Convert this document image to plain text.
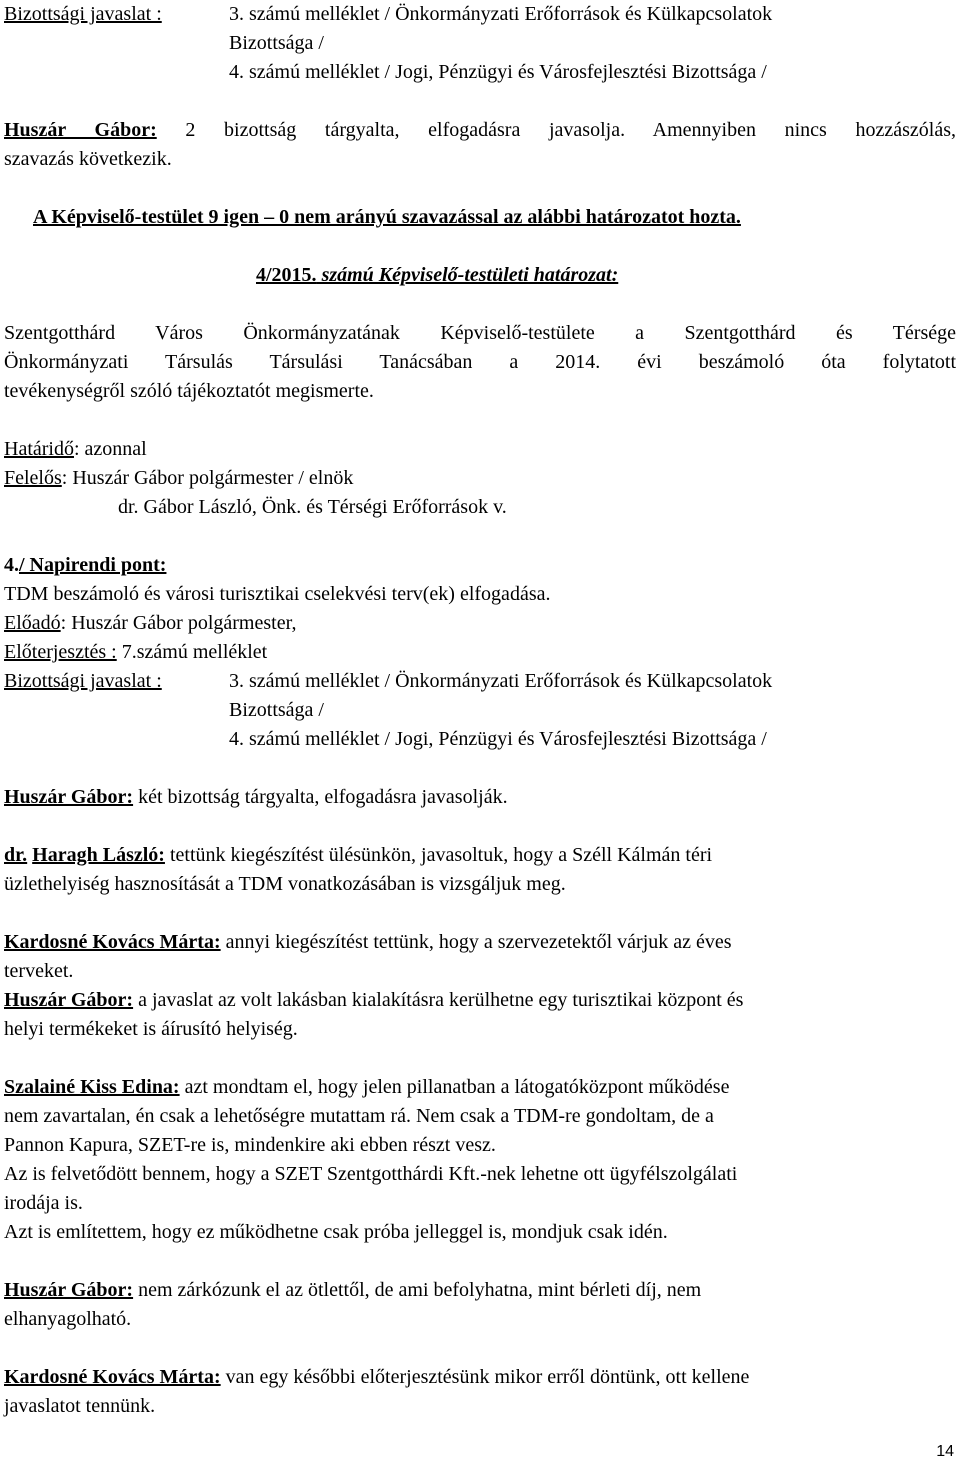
Bizottsági javaslat :	3. számú melléklet / Önkormányzati Erőforrások és Külkapcsolatok
Bizottsága /
4. számú melléklet / Jogi, Pénzügyi és Városfejlesztési Bizottsága /
Huszár Gábor: 2 bizottság tárgyalta, elfogadásra javasolja. Amennyiben nincs hozzászólás,
szavazás következik.
A Képviselő-testület 9 igen – 0 nem arányú szavazással az alábbi határozatot hozta.
4/2015. számú Képviselő-testületi határozat:
Szentgotthárd Város Önkormányzatának Képviselő-testülete a Szentgotthárd és Térsége
Önkormányzati Társulás Társulási Tanácsában a 2014. évi beszámoló óta folytatott
tevékenységről szóló tájékoztatót megismerte.
Határidő: azonnal
Felelős: Huszár Gábor polgármester / elnök
dr. Gábor László, Önk. és Térségi Erőforrások v.
4./ Napirendi pont:
TDM beszámoló és városi turisztikai cselekvési terv(ek) elfogadása.
Előadó: Huszár Gábor polgármester,
Előterjesztés : 7.számú melléklet
Bizottsági javaslat :	3. számú melléklet / Önkormányzati Erőforrások és Külkapcsolatok
Bizottsága /
4. számú melléklet / Jogi, Pénzügyi és Városfejlesztési Bizottsága /
Huszár Gábor: két bizottság tárgyalta, elfogadásra javasolják.
dr. Haragh László: tettünk kiegészítést ülésünkön, javasoltuk, hogy a Széll Kálmán téri
üzlethelyiség hasznosítását a TDM vonatkozásában is vizsgáljuk meg.
Kardosné Kovács Márta: annyi kiegészítést tettünk, hogy a szervezetektől várjuk az éves
terveket.
Huszár Gábor: a javaslat az volt lakásban kialakításra kerülhetne egy turisztikai központ és
helyi termékeket is áírusító helyiség.
Szalainé Kiss Edina: azt mondtam el, hogy jelen pillanatban a látogatóközpont működése
nem zavartalan, én csak a lehetőségre mutattam rá. Nem csak a TDM-re gondoltam, de a
Pannon Kapura, SZET-re is, mindenkire aki ebben részt vesz.
Az is felvetődött bennem, hogy a SZET Szentgotthárdi Kft.-nek lehetne ott ügyfélszolgálati
irodája is.
Azt is említettem, hogy ez működhetne csak próba jelleggel is, mondjuk csak idén.
Huszár Gábor: nem zárkózunk el az ötlettől, de ami befolyhatna, mint bérleti díj, nem
elhanyagolható.
Kardosné Kovács Márta: van egy későbbi előterjesztésünk mikor erről döntünk, ott kellene
javaslatot tennünk.
14
